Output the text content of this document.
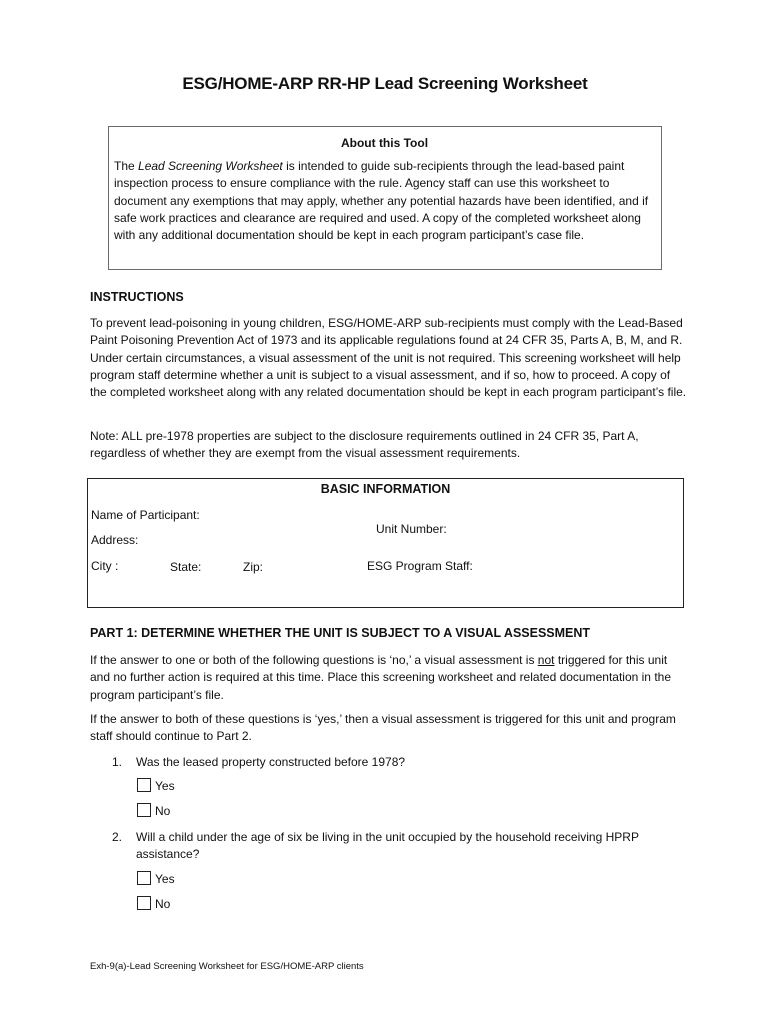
ESG/HOME-ARP RR-HP Lead Screening Worksheet
About this Tool
The Lead Screening Worksheet is intended to guide sub-recipients through the lead-based paint inspection process to ensure compliance with the rule. Agency staff can use this worksheet to document any exemptions that may apply, whether any potential hazards have been identified, and if safe work practices and clearance are required and used. A copy of the completed worksheet along with any additional documentation should be kept in each program participant’s case file.
INSTRUCTIONS
To prevent lead-poisoning in young children, ESG/HOME-ARP sub-recipients must comply with the Lead-Based Paint Poisoning Prevention Act of 1973 and its applicable regulations found at 24 CFR 35, Parts A, B, M, and R. Under certain circumstances, a visual assessment of the unit is not required. This screening worksheet will help program staff determine whether a unit is subject to a visual assessment, and if so, how to proceed. A copy of the completed worksheet along with any related documentation should be kept in each program participant’s file.
Note: ALL pre-1978 properties are subject to the disclosure requirements outlined in 24 CFR 35, Part A, regardless of whether they are exempt from the visual assessment requirements.
BASIC INFORMATION
Name of Participant:
Address:
City :	State:	Zip:
Unit Number:
ESG Program Staff:
PART 1: DETERMINE WHETHER THE UNIT IS SUBJECT TO A VISUAL ASSESSMENT
If the answer to one or both of the following questions is ‘no,’ a visual assessment is not triggered for this unit and no further action is required at this time. Place this screening worksheet and related documentation in the program participant’s file.
If the answer to both of these questions is ‘yes,’ then a visual assessment is triggered for this unit and program staff should continue to Part 2.
1. Was the leased property constructed before 1978?
Yes
No
2. Will a child under the age of six be living in the unit occupied by the household receiving HPRP assistance?
Yes
No
Exh-9(a)-Lead Screening Worksheet for ESG/HOME-ARP clients
